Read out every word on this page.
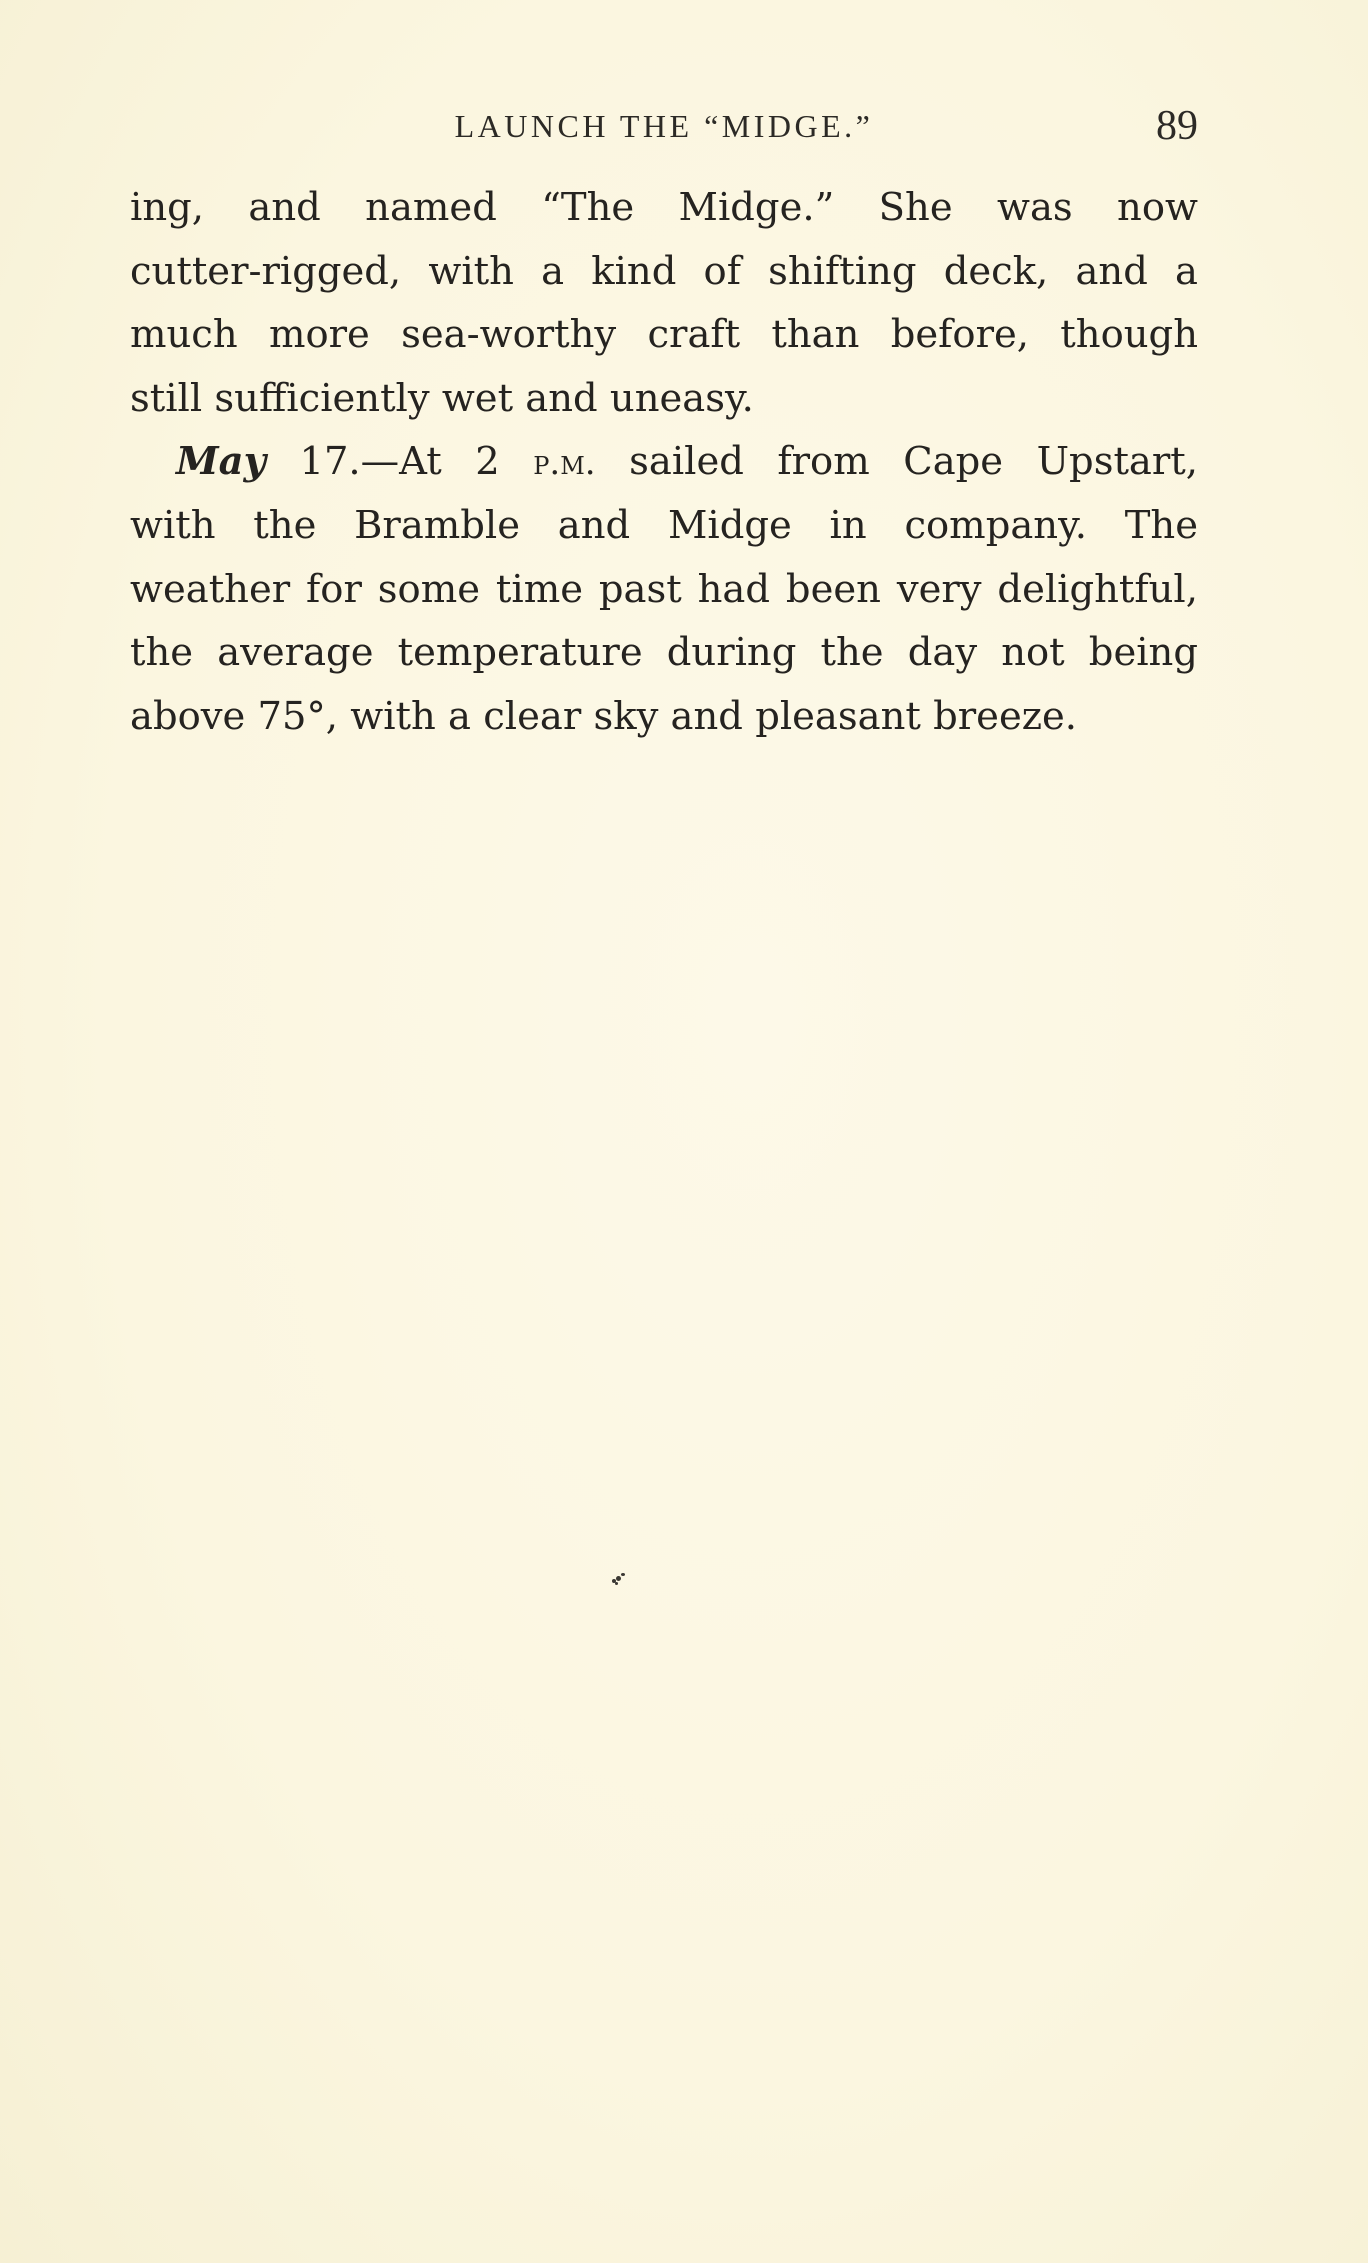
LAUNCH THE “MIDGE.”	89
ing, and named “The Midge.” She was now
cutter-rigged, with a kind of shifting deck, and a
much more sea-worthy craft than before, though
still sufficiently wet and uneasy.
May 17.—At 2 p.m. sailed from Cape Upstart,
with the Bramble and Midge in company. The
weather for some time past had been very delightful,
the average temperature during the day not being
above 75°, with a clear sky and pleasant breeze.
